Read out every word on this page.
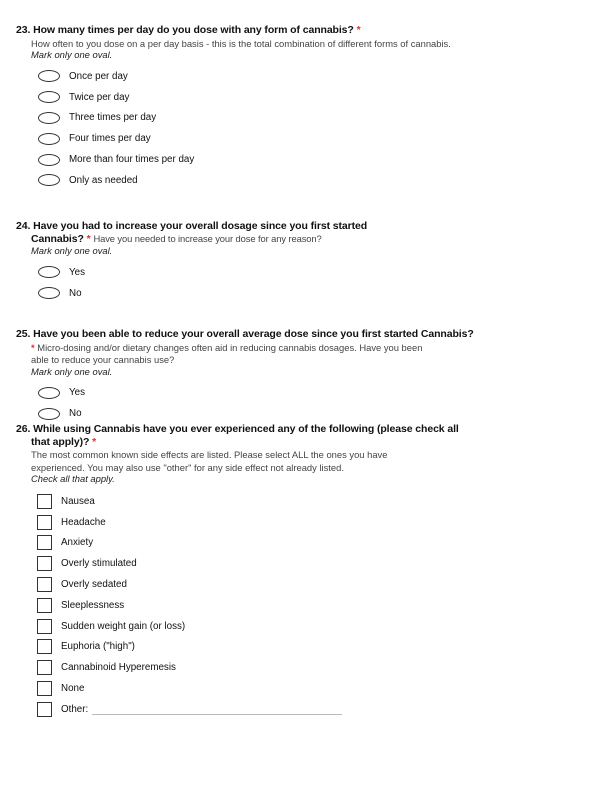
23. How many times per day do you dose with any form of cannabis? *
How often to you dose on a per day basis - this is the total combination of different forms of cannabis.
Mark only one oval.
Once per day
Twice per day
Three times per day
Four times per day
More than four times per day
Only as needed
24. Have you had to increase your overall dosage since you first started
Cannabis? * Have you needed to increase your dose for any reason?
Mark only one oval.
Yes
No
25. Have you been able to reduce your overall average dose since you first started Cannabis?
* Micro-dosing and/or dietary changes often aid in reducing cannabis dosages. Have you been
able to reduce your cannabis use?
Mark only one oval.
Yes
No
26. While using Cannabis have you ever experienced any of the following (please check all
that apply)? *
The most common known side effects are listed. Please select ALL the ones you have
experienced. You may also use "other" for any side effect not already listed.
Check all that apply.
Nausea
Headache
Anxiety
Overly stimulated
Overly sedated
Sleeplessness
Sudden weight gain (or loss)
Euphoria ("high")
Cannabinoid Hyperemesis
None
Other:
